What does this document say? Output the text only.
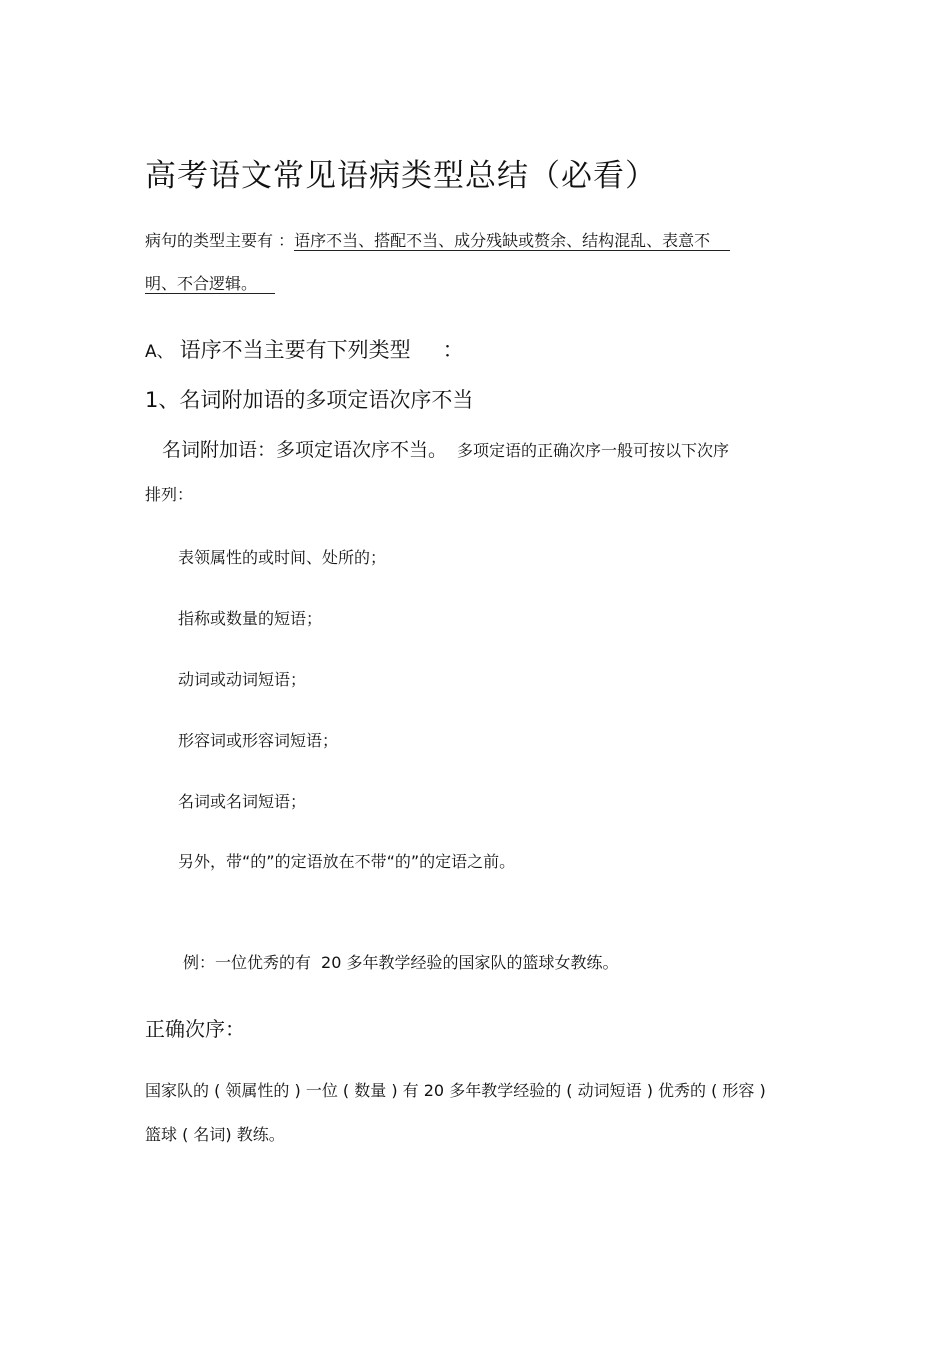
高考语文常见语病类型总结（必看）
病句的类型主要有 ：语序不当、搭配不当、成分残缺或赘余、结构混乱、表意不
明、不合逻辑。
A、 语序不当主要有下列类型 ：
1、名词附加语的多项定语次序不当
名词附加语：多项定语次序不当。 多项定语的正确次序一般可按以下次序
排列：
表领属性的或时间、处所的；
指称或数量的短语；
动词或动词短语；
形容词或形容词短语；
名词或名词短语；
另外，带“的”的定语放在不带“的”的定语之前。
例：一位优秀的有 20 多年教学经验的国家队的篮球女教练。
正确次序：
国家队的 ( 领属性的 ) 一位 ( 数量 ) 有 20 多年教学经验的 ( 动词短语 ) 优秀的 ( 形容 )
篮球 ( 名词) 教练。
